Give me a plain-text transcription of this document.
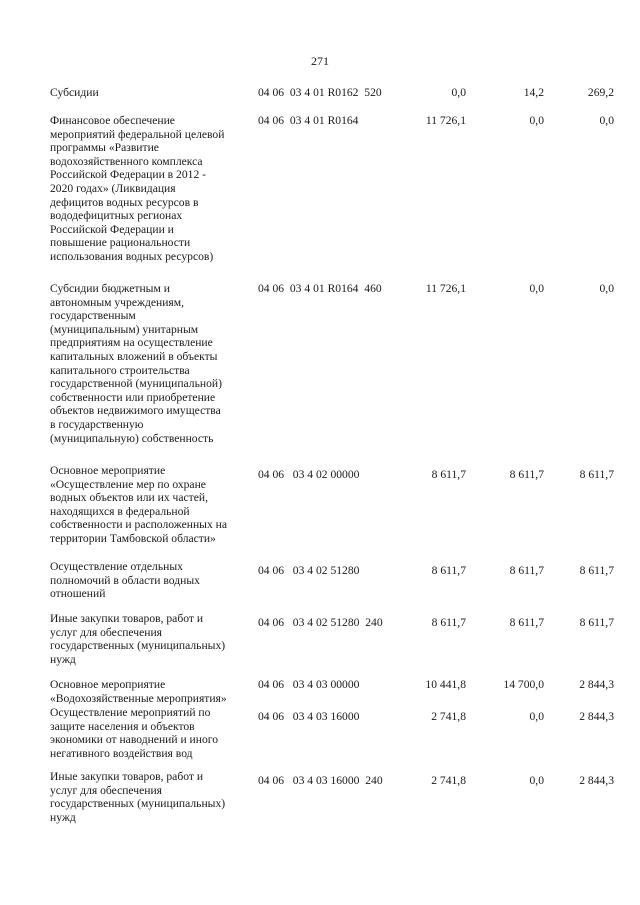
271
Субсидии	04 06  03 4 01 R0162  520	0,0	14,2	269,2
Финансовое обеспечение
мероприятий федеральной целевой
программы «Развитие
водохозяйственного комплекса
Российской Федерации в 2012 -
2020 годах» (Ликвидация
дефицитов водных ресурсов в
вододефицитных регионах
Российской Федерации и
повышение рациональности
использования водных ресурсов)
04 06  03 4 01 R0164	11 726,1	0,0	0,0
Субсидии бюджетным и
автономным учреждениям,
государственным
(муниципальным) унитарным
предприятиям на осуществление
капитальных вложений в объекты
капитального строительства
государственной (муниципальной)
собственности или приобретение
объектов недвижимого имущества
в государственную
(муниципальную) собственность
04 06  03 4 01 R0164  460	11 726,1	0,0	0,0
Основное мероприятие
«Осуществление мер по охране
водных объектов или их частей,
находящихся в федеральной
собственности и расположенных на
территории Тамбовской области»
04 06   03 4 02 00000	8 611,7	8 611,7	8 611,7
Осуществление отдельных
полномочий в области водных
отношений
04 06   03 4 02 51280	8 611,7	8 611,7	8 611,7
Иные закупки товаров, работ и
услуг для обеспечения
государственных (муниципальных)
нужд
04 06   03 4 02 51280  240	8 611,7	8 611,7	8 611,7
Основное мероприятие
«Водохозяйственные мероприятия»
04 06   03 4 03 00000	10 441,8	14 700,0	2 844,3
Осуществление мероприятий по
защите населения и объектов
экономики от наводнений и иного
негативного воздействия вод
04 06   03 4 03 16000	2 741,8	0,0	2 844,3
Иные закупки товаров, работ и
услуг для обеспечения
государственных (муниципальных)
нужд
04 06   03 4 03 16000  240	2 741,8	0,0	2 844,3
